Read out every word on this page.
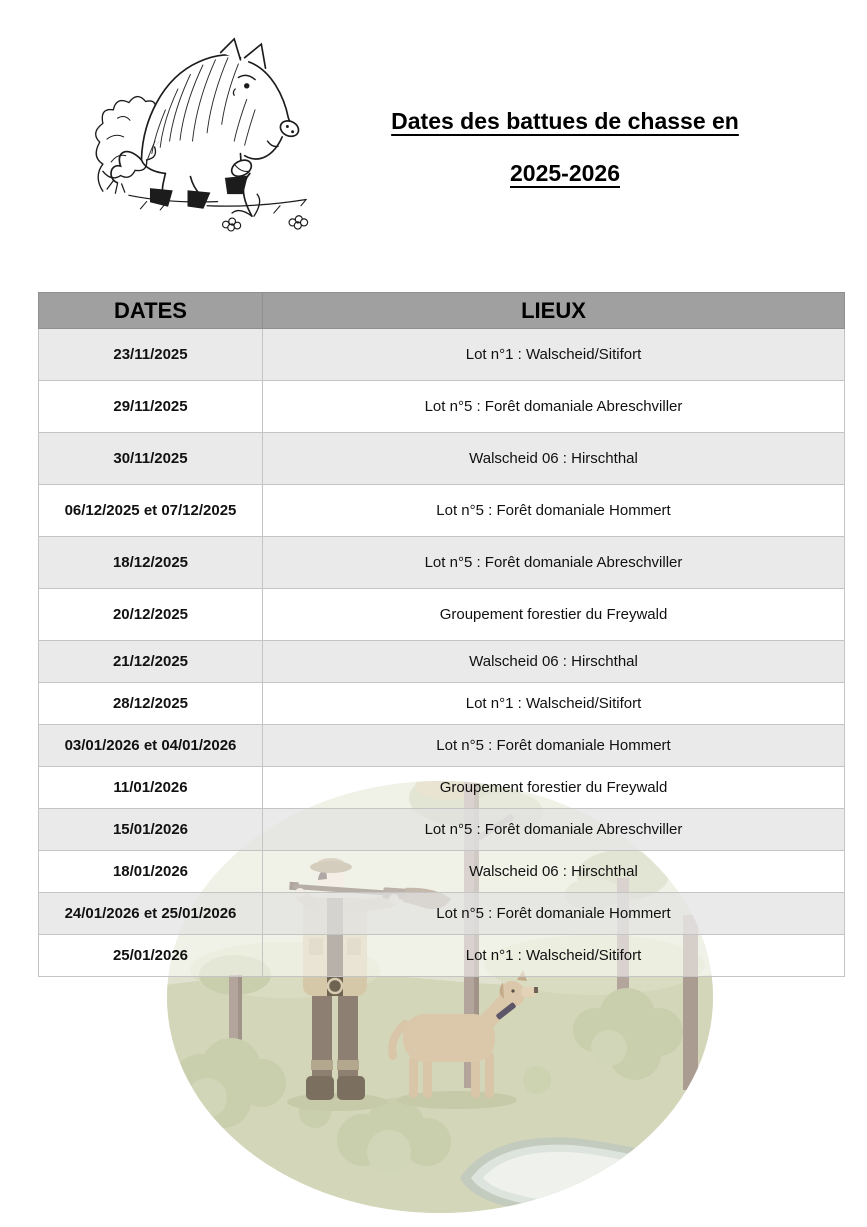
Dates des battues de chasse en
2025-2026
DATES	LIEUX
23/11/2025	Lot n°1 : Walscheid/Sitifort
29/11/2025	Lot n°5 : Forêt domaniale Abreschviller
30/11/2025	Walscheid 06 : Hirschthal
06/12/2025 et 07/12/2025	Lot n°5 : Forêt domaniale Hommert
18/12/2025	Lot n°5 : Forêt domaniale Abreschviller
20/12/2025	Groupement forestier du Freywald
21/12/2025	Walscheid 06 : Hirschthal
28/12/2025	Lot n°1 : Walscheid/Sitifort
03/01/2026 et 04/01/2026	Lot n°5 : Forêt domaniale Hommert
11/01/2026	Groupement forestier du Freywald
15/01/2026	Lot n°5 : Forêt domaniale Abreschviller
18/01/2026	Walscheid 06 : Hirschthal
24/01/2026 et 25/01/2026	Lot n°5 : Forêt domaniale Hommert
25/01/2026	Lot n°1 : Walscheid/Sitifort
